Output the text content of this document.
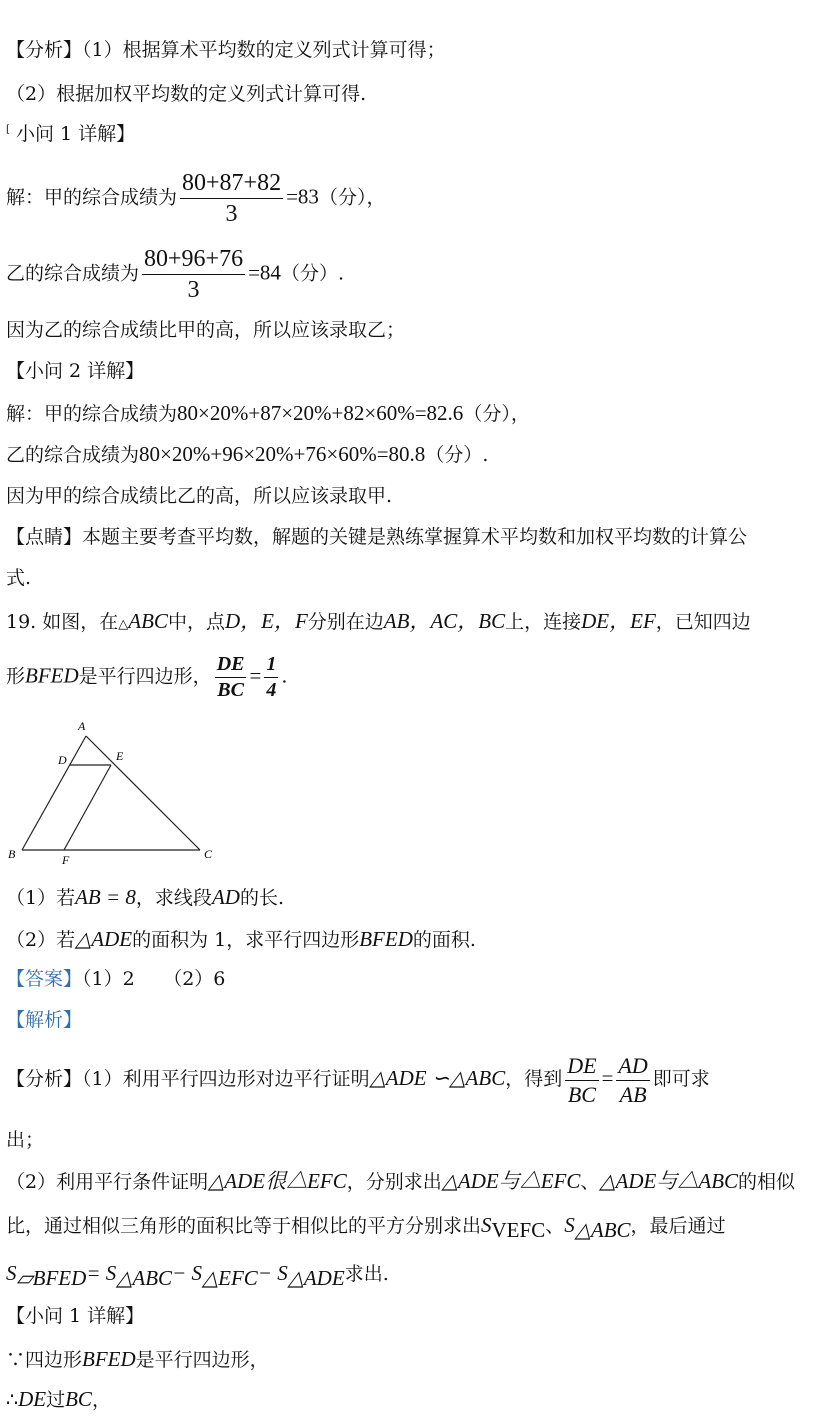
【分析】（1）根据算术平均数的定义列式计算可得；
（2）根据加权平均数的定义列式计算可得.
[ 小问 1 详解】
解：甲的综合成绩为 $\frac{80+87+82}{3} =83$（分），
乙的综合成绩为 $\frac{80+96+76}{3} =84$（分）.
因为乙的综合成绩比甲的高，所以应该录取乙；
【小问 2 详解】
解：甲的综合成绩为80×20%+87×20%+82×60%=82.6（分），
乙的综合成绩为80×20%+96×20%+76×60%=80.8（分）.
因为甲的综合成绩比乙的高，所以应该录取甲.
【点睛】本题主要考查平均数，解题的关键是熟练掌握算术平均数和加权平均数的计算公
式.
19. 如图，在△ABC中，点D，E，F分别在边AB，AC，BC上，连接DE，EF，已知四边
形BFED是平行四边形， $\frac{DE}{BC} = \frac{1}{4}$ .
A
D	E
B	F	C
（1）若AB = 8，求线段AD的长.
（2）若△ADE的面积为 1，求平行四边形BFED的面积.
【答案】（1）2　　（2）6
【解析】
【分析】（1）利用平行四边形对边平行证明△ADE ∽△ABC，得到 $\frac{DE}{BC} = \frac{AD}{AB}$ 即可求
出；
（2）利用平行条件证明△ADE很△EFC，分别求出△ADE与△EFC、△ADE与△ABC的相似
比，通过相似三角形的面积比等于相似比的平方分别求出$S_{VEFC}$、$S_{\triangle ABC}$，最后通过
$S_{▱BFED}= S_{\triangle ABC}- S_{\triangle EFC}- S_{\triangle ADE}$求出.
【小问 1 详解】
∵四边形BFED是平行四边形，
∴DE过BC，
